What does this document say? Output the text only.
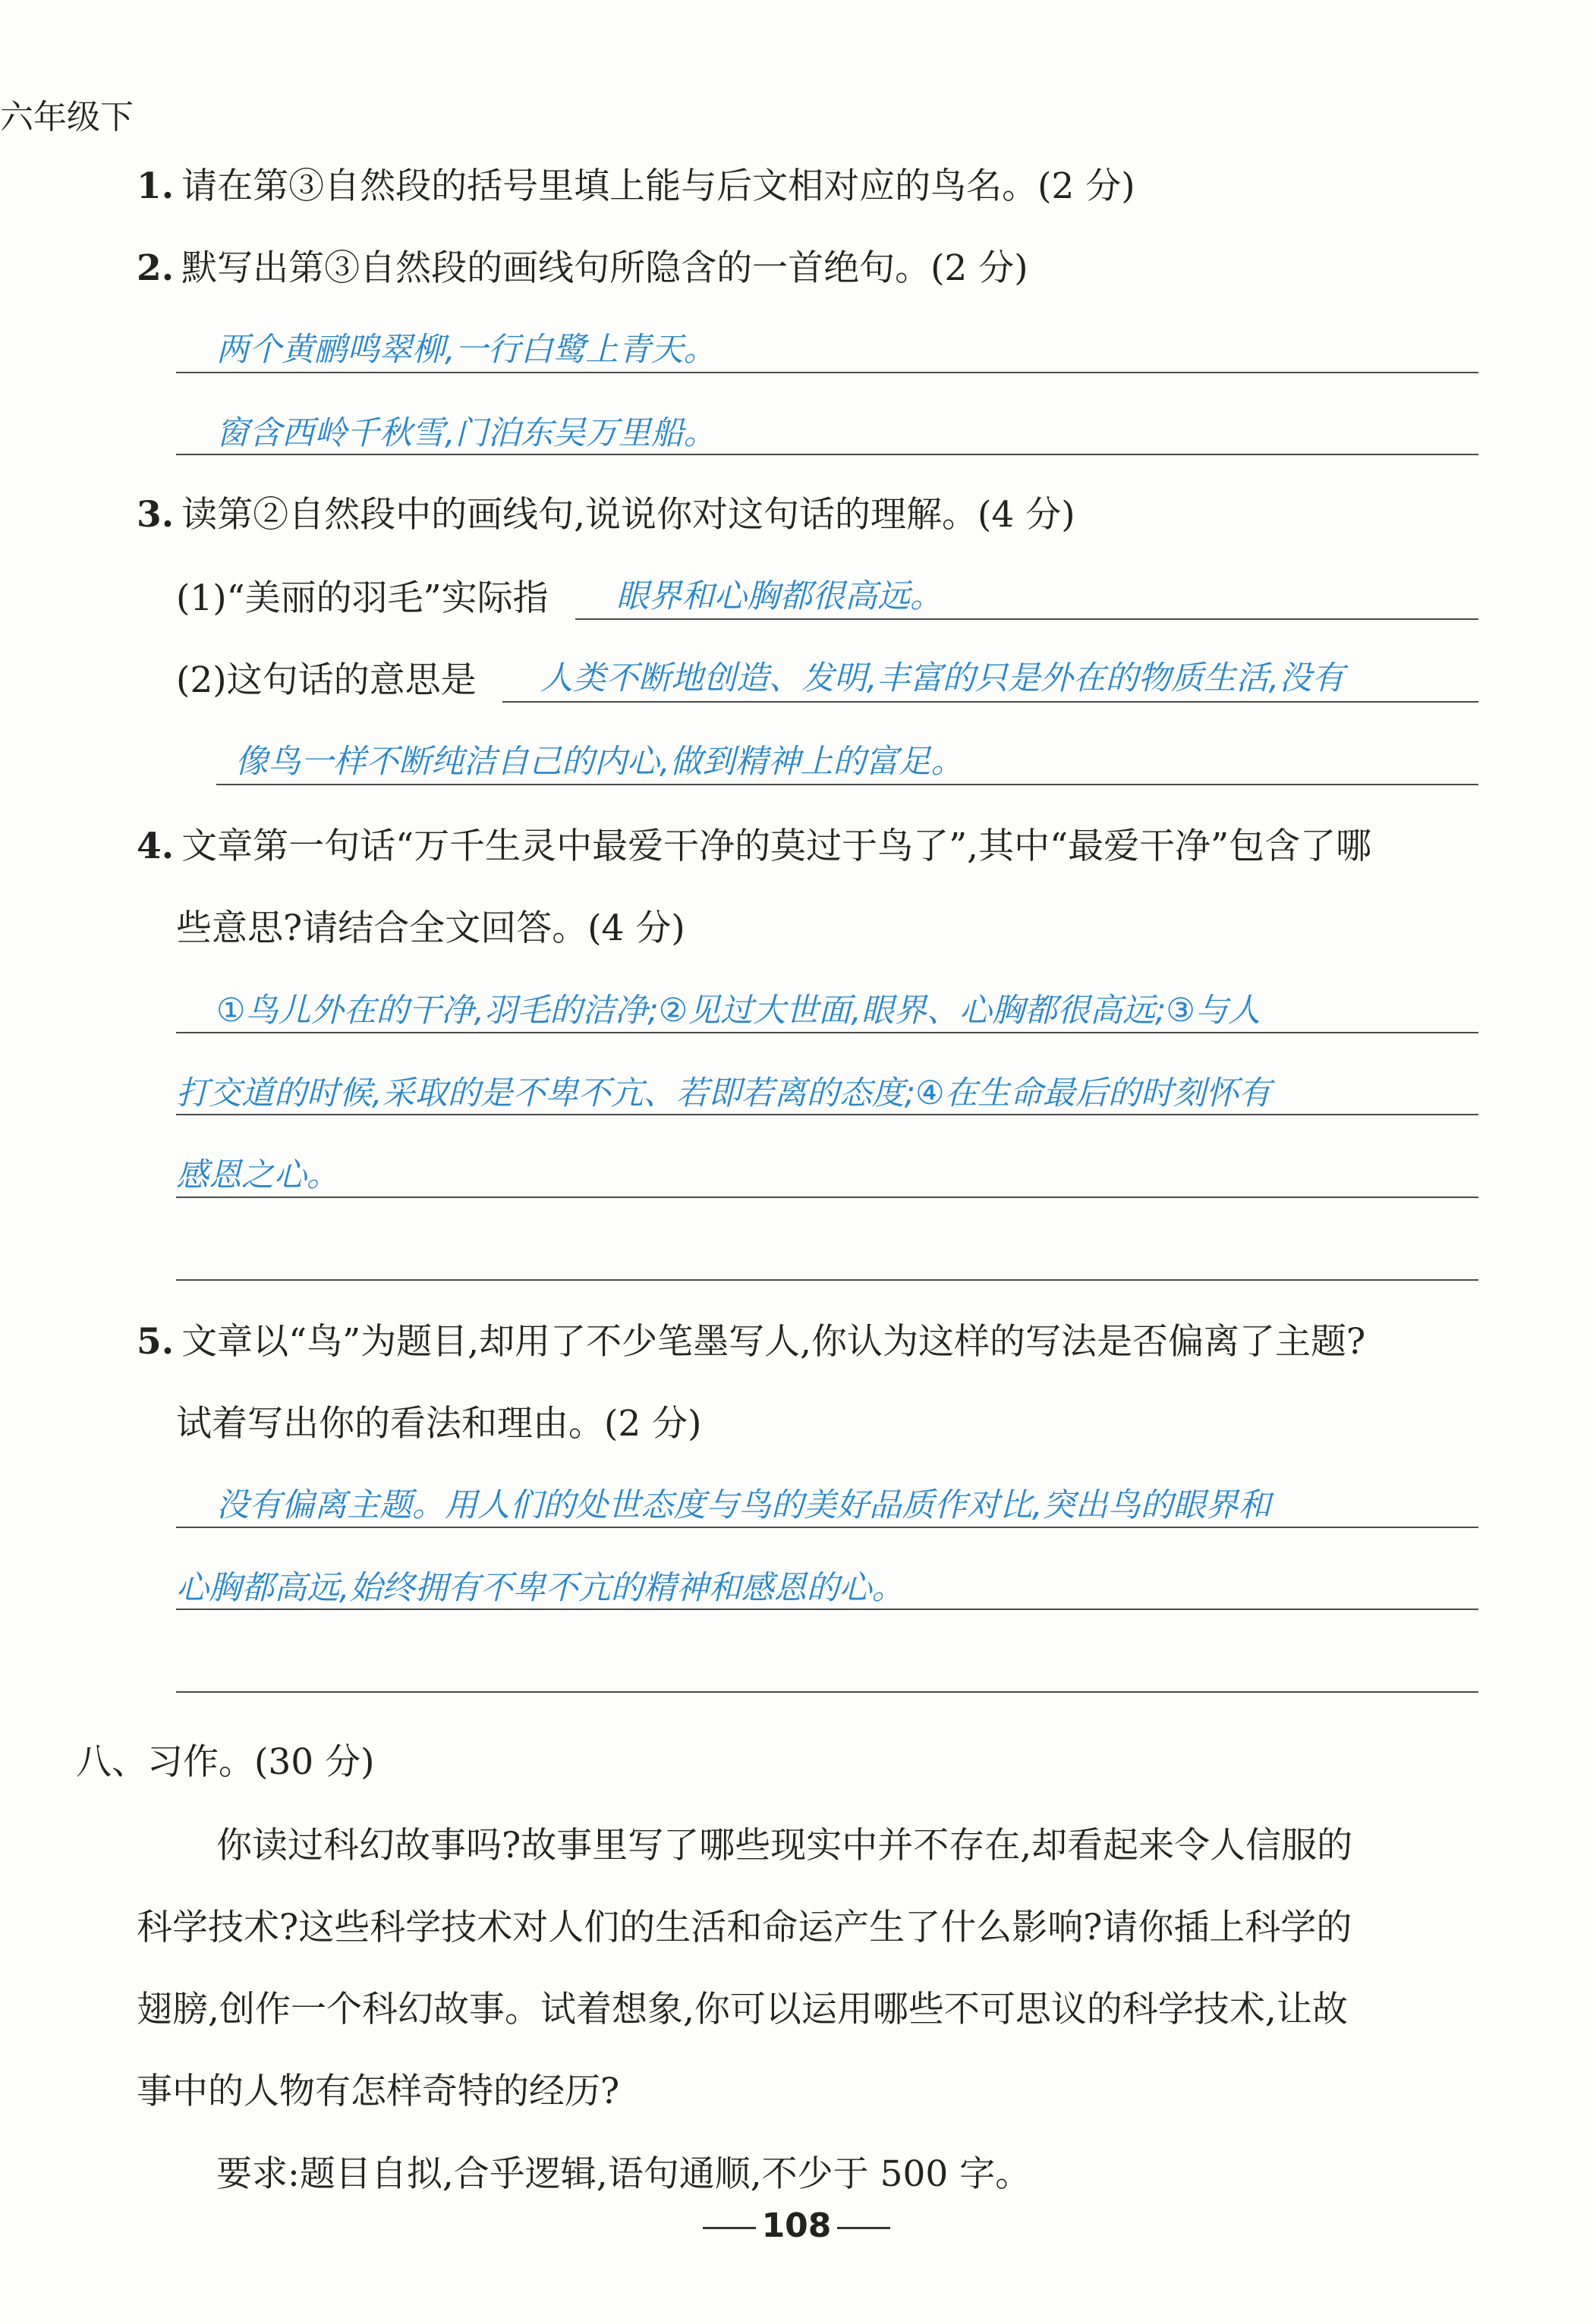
六年级下
1. 请在第③自然段的括号里填上能与后文相对应的鸟名。(2 分)
2. 默写出第③自然段的画线句所隐含的一首绝句。(2 分)
两个黄鹂鸣翠柳,一行白鹭上青天。
窗含西岭千秋雪,门泊东吴万里船。
3. 读第②自然段中的画线句,说说你对这句话的理解。(4 分)
(1)“美丽的羽毛”实际指 眼界和心胸都很高远。
(2)这句话的意思是 人类不断地创造、发明,丰富的只是外在的物质生活,没有
像鸟一样不断纯洁自己的内心,做到精神上的富足。
4. 文章第一句话“万千生灵中最爱干净的莫过于鸟了”,其中“最爱干净”包含了哪
些意思?请结合全文回答。(4 分)
①鸟儿外在的干净,羽毛的洁净;②见过大世面,眼界、心胸都很高远;③与人
打交道的时候,采取的是不卑不亢、若即若离的态度;④在生命最后的时刻怀有
感恩之心。
5. 文章以“鸟”为题目,却用了不少笔墨写人,你认为这样的写法是否偏离了主题?
试着写出你的看法和理由。(2 分)
没有偏离主题。用人们的处世态度与鸟的美好品质作对比,突出鸟的眼界和
心胸都高远,始终拥有不卑不亢的精神和感恩的心。
八、习作。(30 分)
你读过科幻故事吗?故事里写了哪些现实中并不存在,却看起来令人信服的
科学技术?这些科学技术对人们的生活和命运产生了什么影响?请你插上科学的
翅膀,创作一个科幻故事。试着想象,你可以运用哪些不可思议的科学技术,让故
事中的人物有怎样奇特的经历?
要求:题目自拟,合乎逻辑,语句通顺,不少于 500 字。
108
